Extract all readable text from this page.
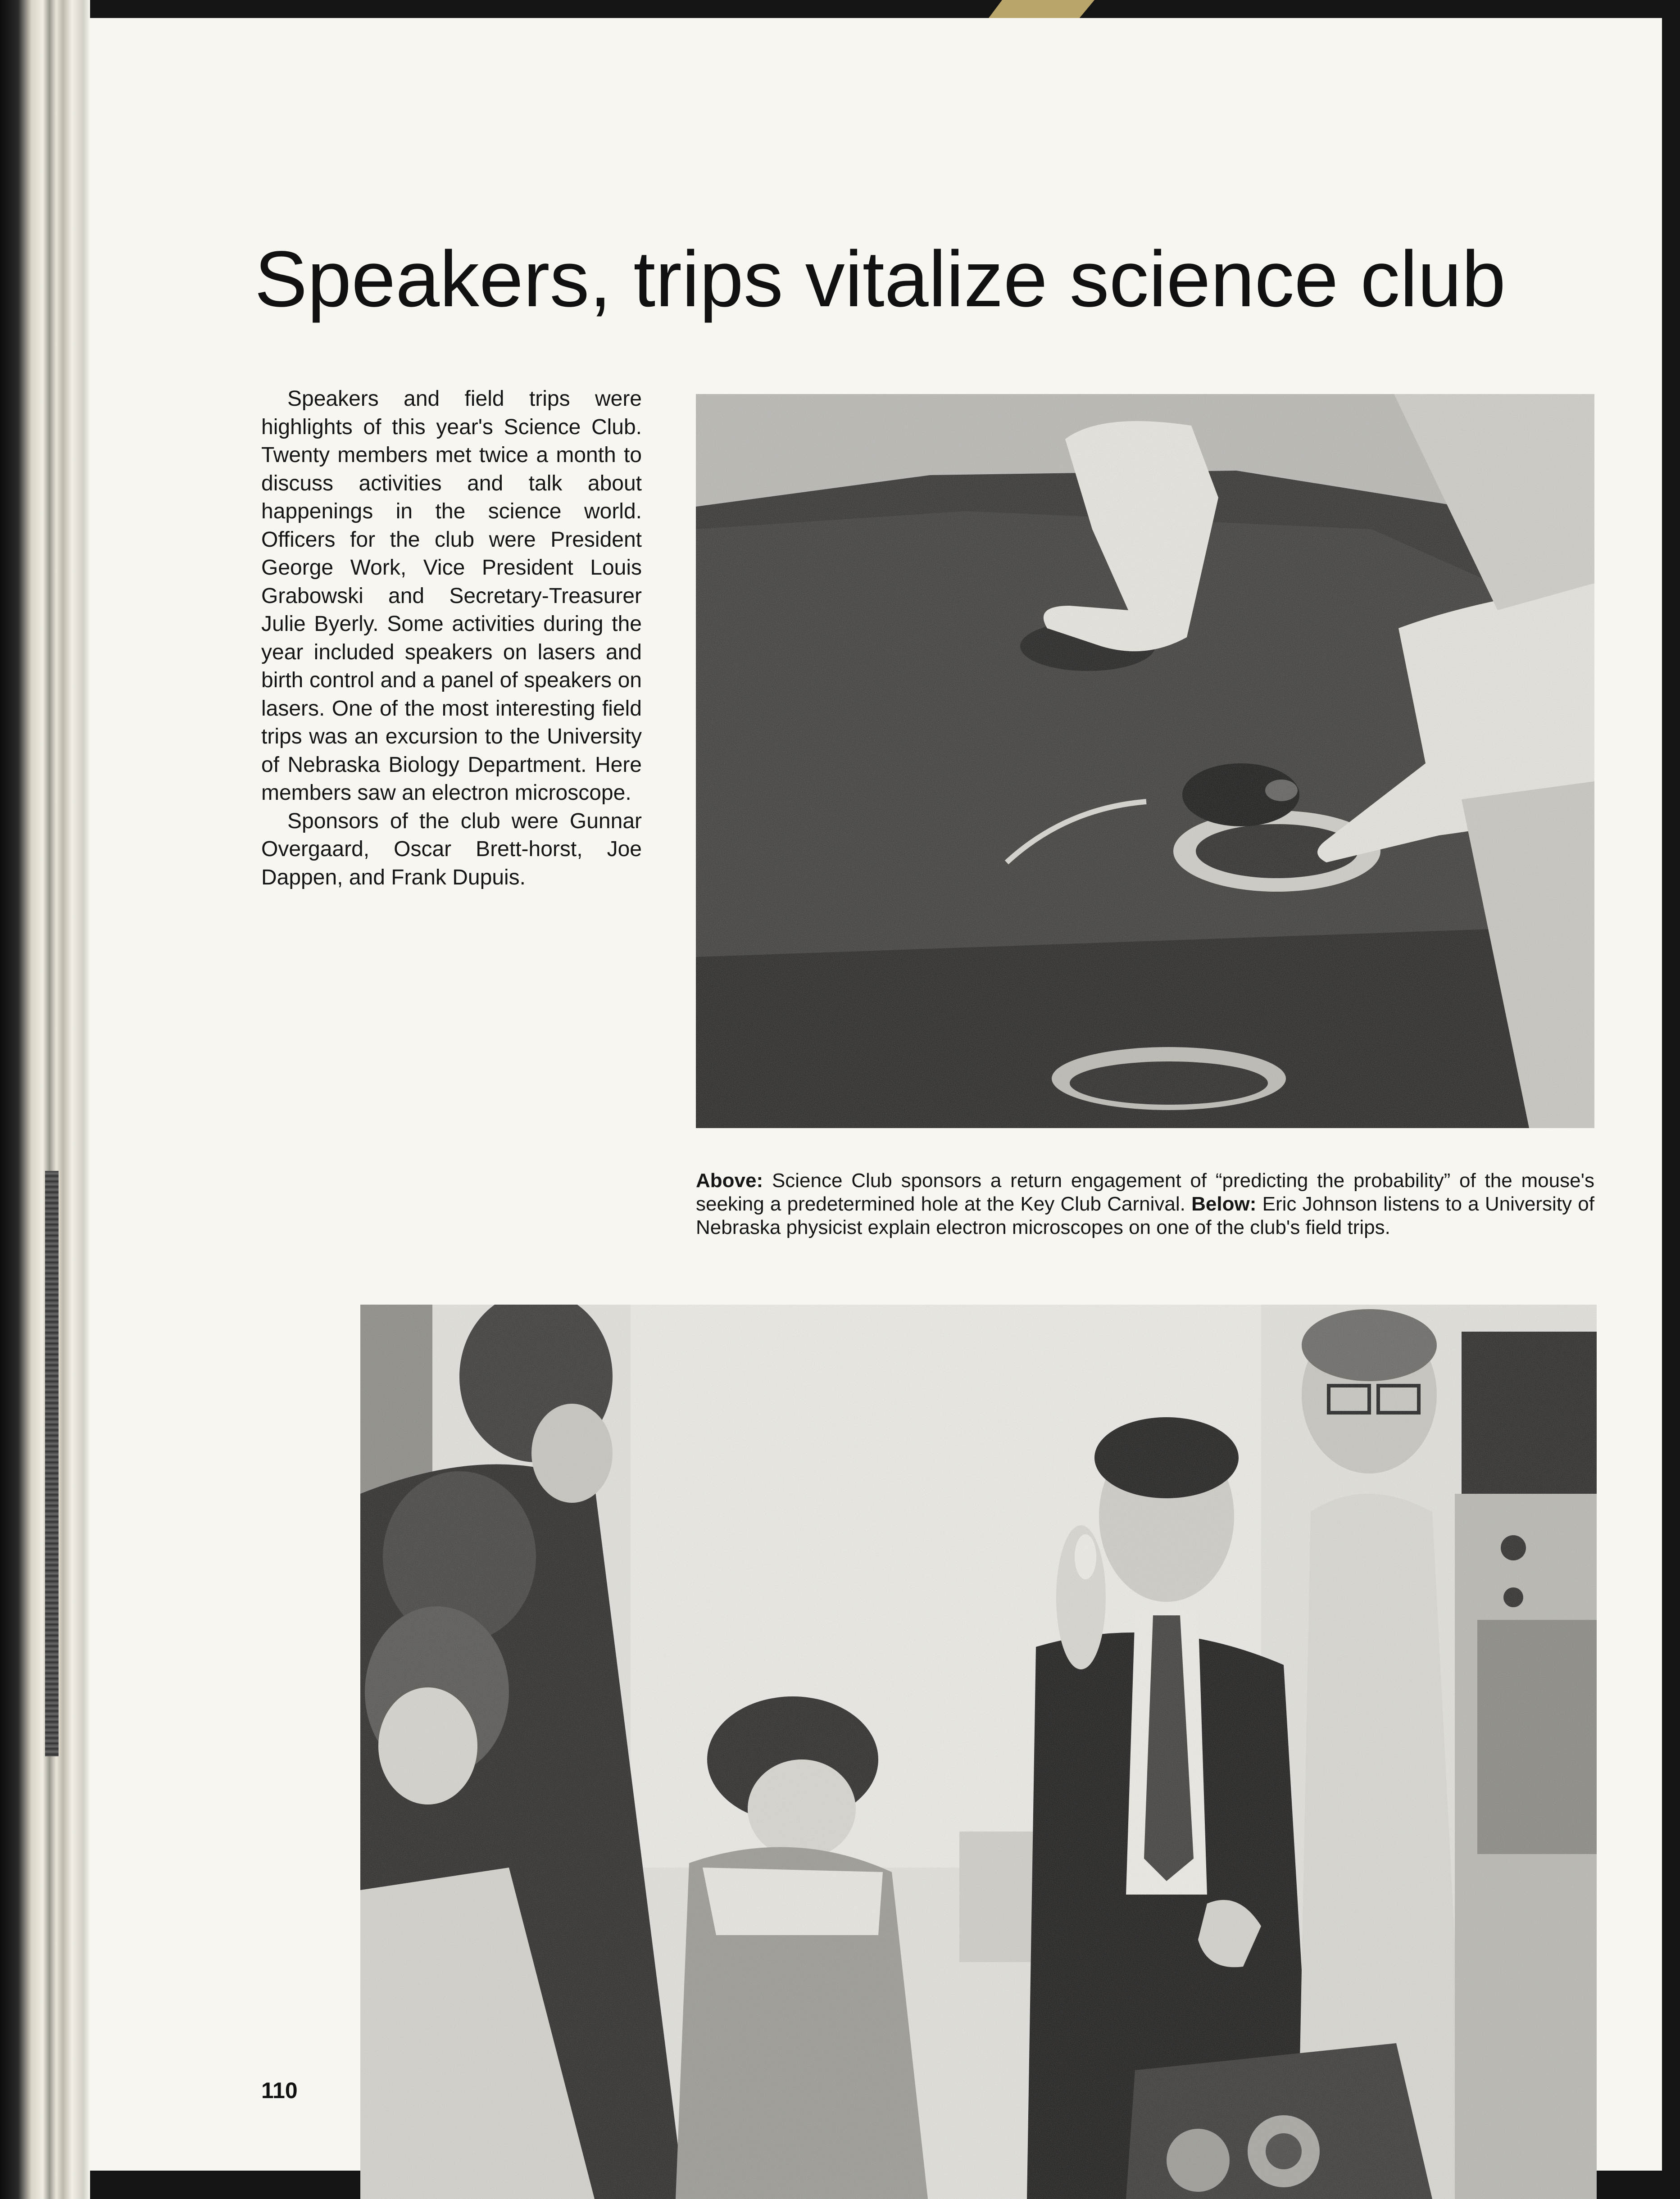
Speakers, trips vitalize science club

Speakers and field trips were highlights of this year's Science Club. Twenty members met twice a month to discuss activities and talk about happenings in the science world. Officers for the club were President George Work, Vice President Louis Grabowski and Secretary-Treasurer Julie Byerly. Some activities during the year included speakers on lasers and birth control and a panel of speakers on lasers. One of the most interesting field trips was an excursion to the University of Nebraska Biology Department. Here members saw an electron microscope.

Sponsors of the club were Gunnar Overgaard, Oscar Brett-horst, Joe Dappen, and Frank Dupuis.

Above: Science Club sponsors a return engagement of “predicting the probability” of the mouse's seeking a predetermined hole at the Key Club Carnival. Below: Eric Johnson listens to a University of Nebraska physicist explain electron microscopes on one of the club's field trips.
110
